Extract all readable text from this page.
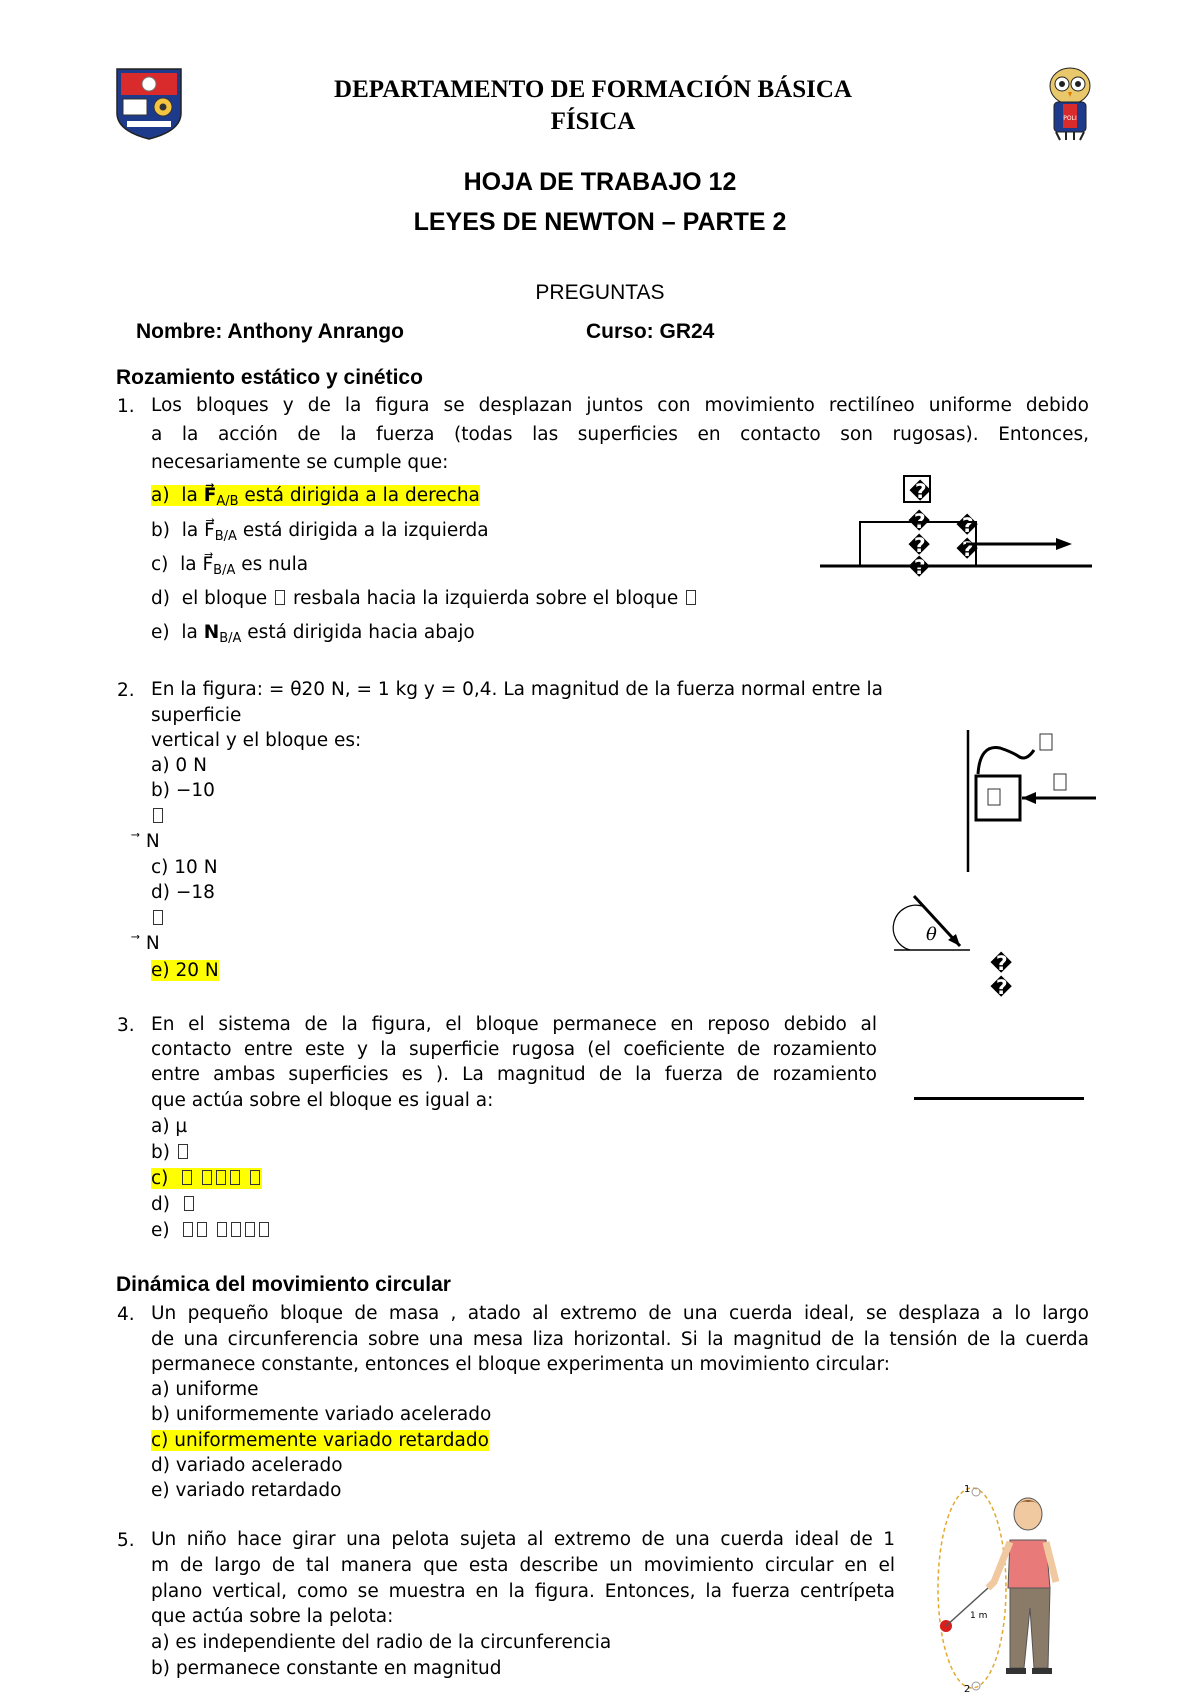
POLI
DEPARTAMENTO DE FORMACIÓN BÁSICA
FÍSICA
HOJA DE TRABAJO 12
LEYES DE NEWTON – PARTE 2
PREGUNTAS
Nombre: Anthony Anrango	Curso: GR24
Rozamiento estático y cinético
1. Los bloques y de la figura se desplazan juntos con movimiento rectilíneo uniforme debido
a la acción de la fuerza (todas las superficies en contacto son rugosas). Entonces,
necesariamente se cumple que:
a) la $F⃗_{A/B}$ está dirigida a la derecha
b) la $F⃗_{B/A}$ está dirigida a la izquierda
c) la $F⃗_{B/A}$ es nula
d) el bloque  resbala hacia la izquierda sobre el bloque
e) la $N_{B/A}$ está dirigida hacia abajo
�
�
�
�
�
�
2. En la figura: = θ20 N, = 1 kg y = 0,4. La magnitud de la fuerza normal entre la
superficie
vertical y el bloque es:
a) 0 N
b) −10
⃗ N
c) 10 N
d) −18
⃗ N
e) 20 N
θ
�
�
3. En el sistema de la figura, el bloque permanece en reposo debido al
contacto entre este y la superficie rugosa (el coeficiente de rozamiento
entre ambas superficies es ). La magnitud de la fuerza de rozamiento
que actúa sobre el bloque es igual a:
a) µ
b)
c)
d)
e)
Dinámica del movimiento circular
4. Un pequeño bloque de masa , atado al extremo de una cuerda ideal, se desplaza a lo largo
de una circunferencia sobre una mesa liza horizontal. Si la magnitud de la tensión de la cuerda
permanece constante, entonces el bloque experimenta un movimiento circular:
a) uniforme
b) uniformemente variado acelerado
c) uniformemente variado retardado
d) variado acelerado
e) variado retardado
5. Un niño hace girar una pelota sujeta al extremo de una cuerda ideal de 1
m de largo de tal manera que esta describe un movimiento circular en el
plano vertical, como se muestra en la figura. Entonces, la fuerza centrípeta
que actúa sobre la pelota:
a) es independiente del radio de la circunferencia
b) permanece constante en magnitud
1
2
1 m
